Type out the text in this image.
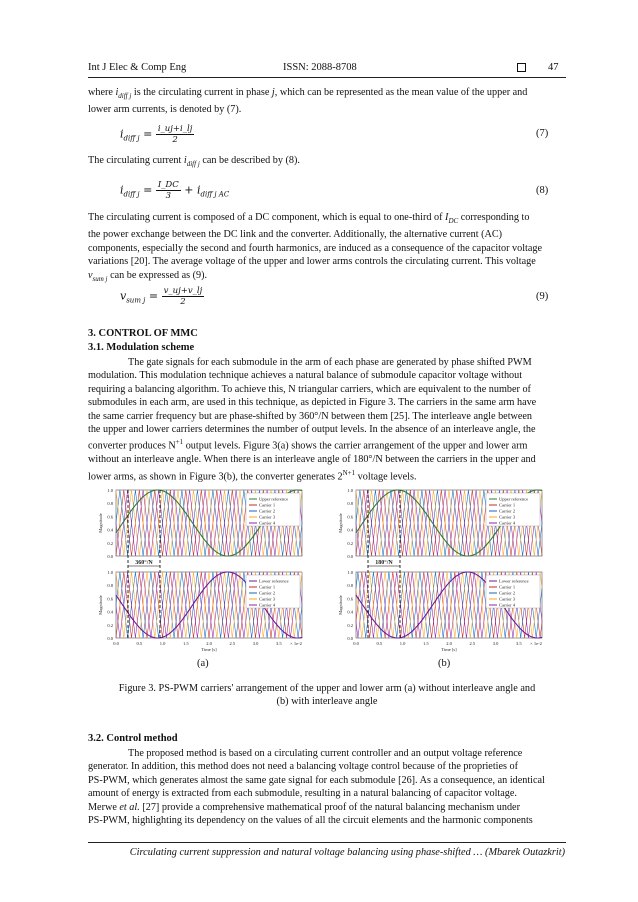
Int J Elec & Comp Eng	ISSN: 2088-8708	47
where $i_{diff j}$ is the circulating current in phase j, which can be represented as the mean value of the upper and
lower arm currents, is denoted by (7).
$i_{diff j} = \frac{i\_uj+i\_lj}{2}$	(7)
The circulating current $i_{diff j}$ can be described by (8).
$i_{diff j} = \frac{I\_DC}{3} + i_{diff j AC}$	(8)
The circulating current is composed of a DC component, which is equal to one-third of $I_{DC}$ corresponding to
the power exchange between the DC link and the converter. Additionally, the alternative current (AC)
components, especially the second and fourth harmonics, are induced as a consequence of the capacitor voltage
variations [20]. The average voltage of the upper and lower arms controls the circulating current. This voltage
$v_{sum j}$ can be expressed as (9).
$v_{sum j} = \frac{v\_uj+v\_lj}{2}$	(9)
3. CONTROL OF MMC
3.1. Modulation scheme
The gate signals for each submodule in the arm of each phase are generated by phase shifted PWM
modulation. This modulation technique achieves a natural balance of submodule capacitor voltage without
requiring a balancing algorithm. To achieve this, N triangular carriers, which are equivalent to the number of
submodules in each arm, are used in this technique, as depicted in Figure 3. The carriers in the same arm have
the same carrier frequency but are phase-shifted by 360°/N between them [25]. The interleave angle between
the upper and lower carriers determines the number of output levels. In the absence of an interleave angle, the
converter produces $N^{+1}$ output levels. Figure 3(a) shows the carrier arrangement of the upper and lower arm
without an interleave angle. When there is an interleave angle of 180°/N between the carriers in the upper and
lower arms, as shown in Figure 3(b), the converter generates $2^{N+1}$ voltage levels.
0.0
0.2
0.4
0.6
0.8
1.0
Upper reference
Carrier 1
Carrier 2
Carrier 3
Carrier 4
Magnitude
0.0
0.2
0.4
0.6
0.8
1.0
Lower reference
Carrier 1
Carrier 2
Carrier 3
Carrier 4
Magnitude
0.0	0.5	1.0	1.5	2.0	2.5	3.0	3.5 × 1e-2
Time [s]
360°/N
0.0
0.2
0.4
0.6
0.8
1.0
Upper reference
Carrier 1
Carrier 2
Carrier 3
Carrier 4
Magnitude
0.0
0.2
0.4
0.6
0.8
1.0
Lower reference
Carrier 1
Carrier 2
Carrier 3
Carrier 4
Magnitude
0.0	0.5	1.0	1.5	2.0	2.5	3.0	3.5 × 1e-2
Time [s]
180°/N
(a)	(b)
Figure 3. PS-PWM carriers' arrangement of the upper and lower arm (a) without interleave angle and
(b) with interleave angle
3.2. Control method
The proposed method is based on a circulating current controller and an output voltage reference
generator. In addition, this method does not need a balancing voltage control because of the proprieties of
PS-PWM, which generates almost the same gate signal for each submodule [26]. As a consequence, an identical
amount of energy is extracted from each submodule, resulting in a natural balancing of capacitor voltage.
Merwe et al. [27] provide a comprehensive mathematical proof of the natural balancing mechanism under
PS-PWM, highlighting its dependency on the values of all the circuit elements and the harmonic components
Circulating current suppression and natural voltage balancing using phase-shifted … (Mbarek Outazkrit)
